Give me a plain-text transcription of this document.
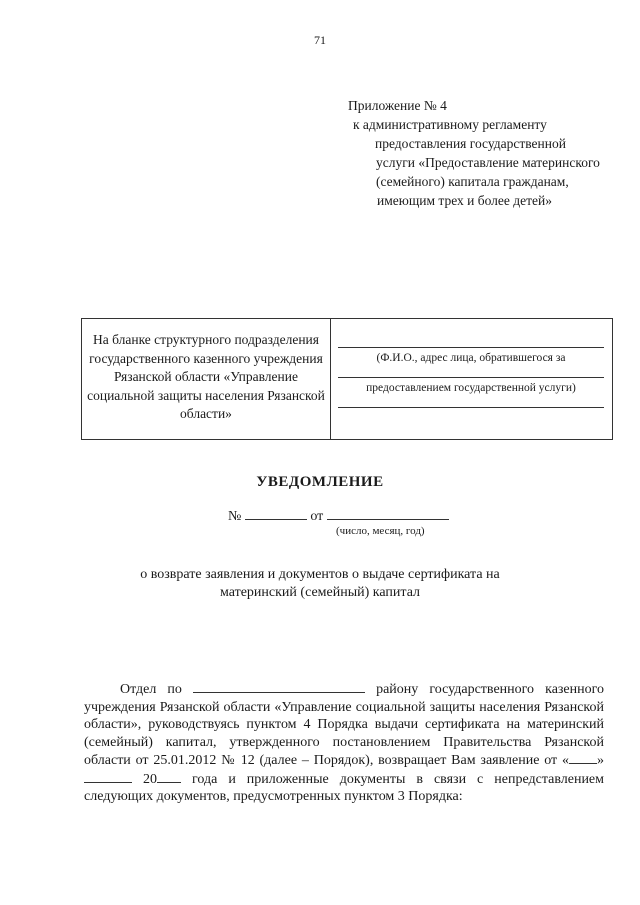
71
Приложение № 4
к административному регламенту
предоставления государственной
услуги «Предоставление материнского
(семейного) капитала гражданам,
имеющим трех и более детей»
На бланке структурного подразделения государственного казенного учреждения Рязанской области «Управление социальной защиты населения Рязанской области»
(Ф.И.О., адрес лица, обратившегося за
предоставлением государственной услуги)
УВЕДОМЛЕНИЕ
№	от
(число, месяц, год)
о возврате заявления и документов о выдаче сертификата на
материнский (семейный) капитал

Отдел по	району государственного казенного учреждения Рязанской области «Управление социальной защиты населения Рязанской области», руководствуясь пунктом 4 Порядка выдачи сертификата на материнский (семейный) капитал, утвержденного постановлением Правительства Рязанской области от 25.01.2012 № 12 (далее – Порядок), возвращает Вам заявление от « »  20	года и приложенные документы в связи с непредставлением следующих документов, предусмотренных пунктом 3 Порядка:
